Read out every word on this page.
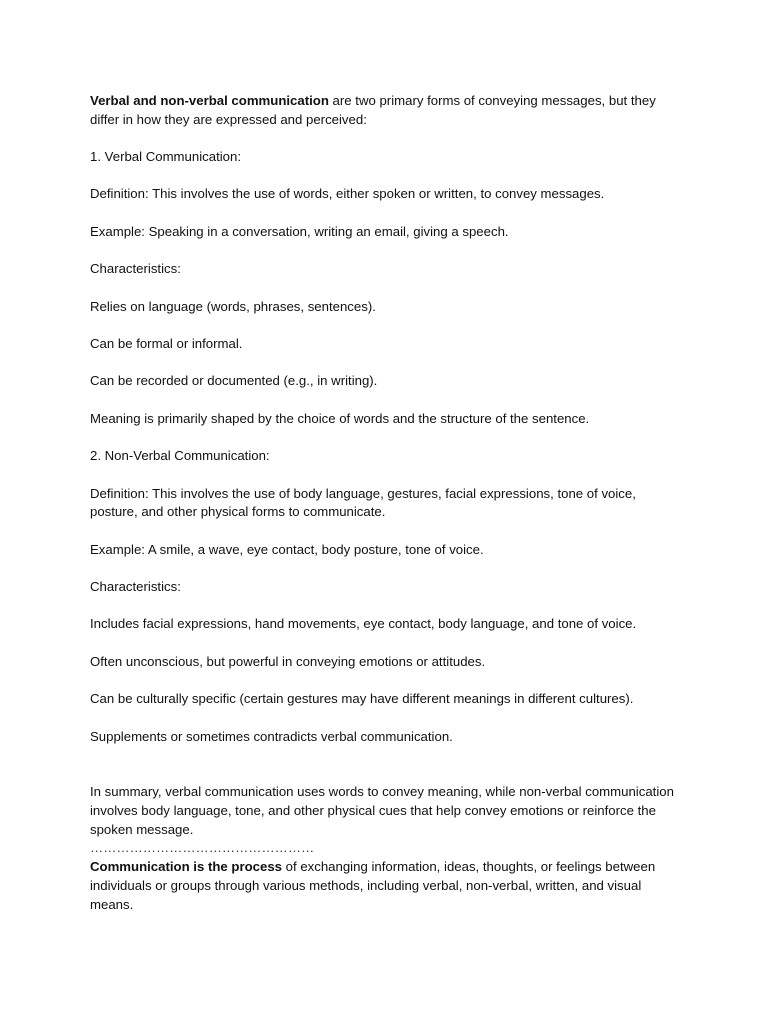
Verbal and non-verbal communication are two primary forms of conveying messages, but they differ in how they are expressed and perceived:

1. Verbal Communication:

Definition: This involves the use of words, either spoken or written, to convey messages.

Example: Speaking in a conversation, writing an email, giving a speech.

Characteristics:

Relies on language (words, phrases, sentences).

Can be formal or informal.

Can be recorded or documented (e.g., in writing).

Meaning is primarily shaped by the choice of words and the structure of the sentence.

2. Non-Verbal Communication:

Definition: This involves the use of body language, gestures, facial expressions, tone of voice, posture, and other physical forms to communicate.

Example: A smile, a wave, eye contact, body posture, tone of voice.

Characteristics:

Includes facial expressions, hand movements, eye contact, body language, and tone of voice.

Often unconscious, but powerful in conveying emotions or attitudes.

Can be culturally specific (certain gestures may have different meanings in different cultures).

Supplements or sometimes contradicts verbal communication.

In summary, verbal communication uses words to convey meaning, while non-verbal communication involves body language, tone, and other physical cues that help convey emotions or reinforce the spoken message.

……………………………………………

Communication is the process of exchanging information, ideas, thoughts, or feelings between individuals or groups through various methods, including verbal, non-verbal, written, and visual means.
